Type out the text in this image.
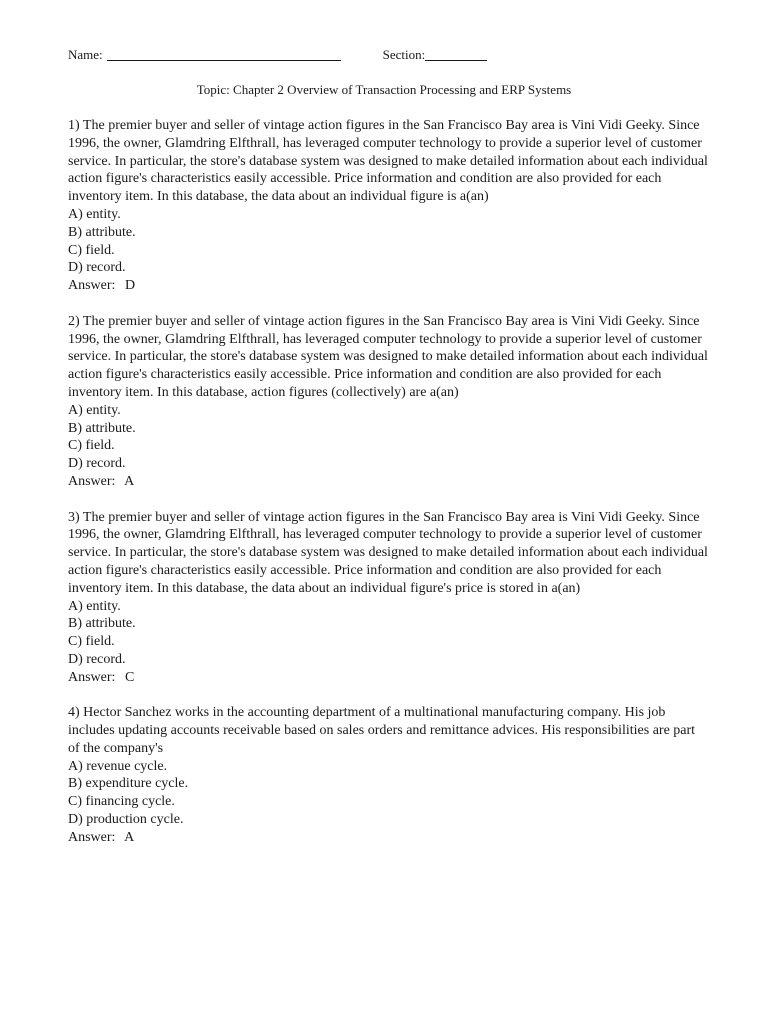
Name:	Section:
Topic: Chapter 2 Overview of Transaction Processing and ERP Systems

1) The premier buyer and seller of vintage action figures in the San Francisco Bay area is Vini Vidi Geeky. Since 1996, the owner, Glamdring Elfthrall, has leveraged computer technology to provide a superior level of customer service. In particular, the store's database system was designed to make detailed information about each individual action figure's characteristics easily accessible. Price information and condition are also provided for each inventory item. In this database, the data about an individual figure is a(an)

A) entity.
B) attribute.
C) field.
D) record.

Answer: D

2) The premier buyer and seller of vintage action figures in the San Francisco Bay area is Vini Vidi Geeky. Since 1996, the owner, Glamdring Elfthrall, has leveraged computer technology to provide a superior level of customer service. In particular, the store's database system was designed to make detailed information about each individual action figure's characteristics easily accessible. Price information and condition are also provided for each inventory item. In this database, action figures (collectively) are a(an)

A) entity.
B) attribute.
C) field.
D) record.

Answer: A

3) The premier buyer and seller of vintage action figures in the San Francisco Bay area is Vini Vidi Geeky. Since 1996, the owner, Glamdring Elfthrall, has leveraged computer technology to provide a superior level of customer service. In particular, the store's database system was designed to make detailed information about each individual action figure's characteristics easily accessible. Price information and condition are also provided for each inventory item. In this database, the data about an individual figure's price is stored in a(an)

A) entity.
B) attribute.
C) field.
D) record.

Answer: C

4) Hector Sanchez works in the accounting department of a multinational manufacturing company. His job includes updating accounts receivable based on sales orders and remittance advices. His responsibilities are part of the company's

A) revenue cycle.
B) expenditure cycle.
C) financing cycle.
D) production cycle.

Answer: A
